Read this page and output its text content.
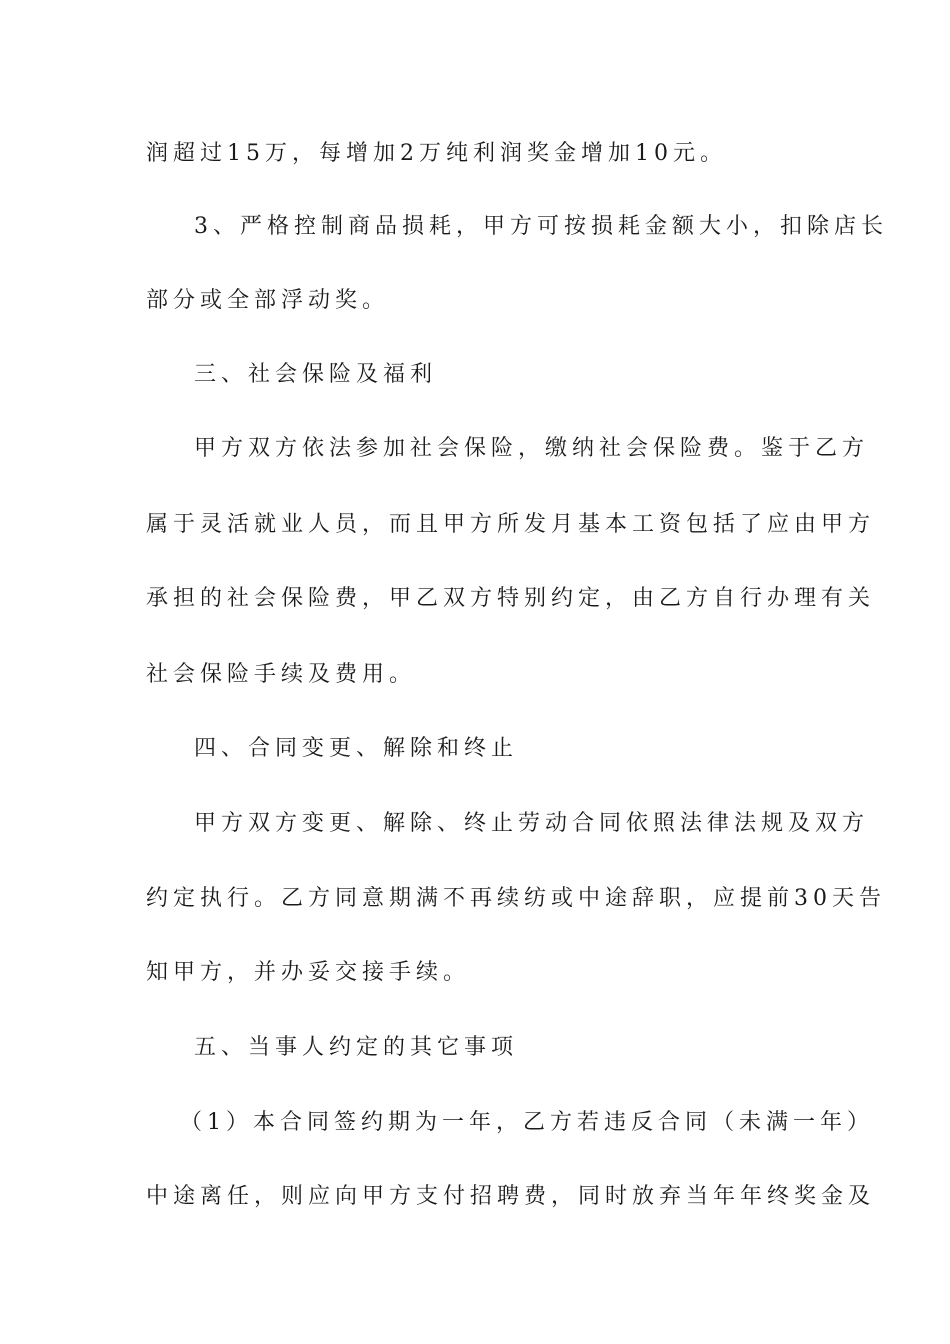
润超过15万，每增加2万纯利润奖金增加10元。
3、严格控制商品损耗，甲方可按损耗金额大小，扣除店长
部分或全部浮动奖。
三、社会保险及福利
甲方双方依法参加社会保险，缴纳社会保险费。鉴于乙方
属于灵活就业人员，而且甲方所发月基本工资包括了应由甲方
承担的社会保险费，甲乙双方特别约定，由乙方自行办理有关
社会保险手续及费用。
四、合同变更、解除和终止
甲方双方变更、解除、终止劳动合同依照法律法规及双方
约定执行。乙方同意期满不再续纺或中途辞职，应提前30天告
知甲方，并办妥交接手续。
五、当事人约定的其它事项
（1）本合同签约期为一年，乙方若违反合同（未满一年）
中途离任，则应向甲方支付招聘费，同时放弃当年年终奖金及
